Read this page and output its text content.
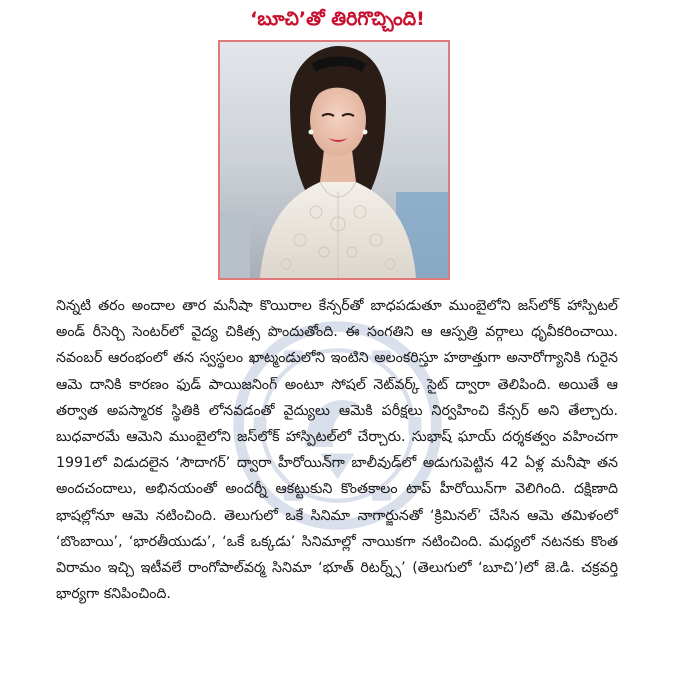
‘బూచి’తో తిరిగొచ్చింది!

నిన్నటి తరం అందాల తార మనీషా కొయిరాల కేన్సర్‌తో బాధపడుతూ ముంబైలోని జస్‌లోక్ హాస్పిటల్ అండ్ రీసెర్చి సెంటర్‌లో వైద్య చికిత్స పొందుతోంది. ఈ సంగతిని ఆ ఆస్పత్రి వర్గాలు ధృవీకరించాయి. నవంబర్ ఆరంభంలో తన స్వస్థలం ఖాట్మండులోని ఇంటిని అలంకరిస్తూ హఠాత్తుగా అనారోగ్యానికి గురైన ఆమె దానికి కారణం ఫుడ్ పాయిజనింగ్ అంటూ సోషల్ నెట్‌వర్క్ సైట్ ద్వారా తెలిపింది. అయితే ఆ తర్వాత అపస్మారక స్థితికి లోనవడంతో వైద్యులు ఆమెకి పరీక్షలు నిర్వహించి కేన్సర్ అని తేల్చారు. బుధవారమే ఆమెని ముంబైలోని జస్‌లోక్ హాస్పిటల్‌లో చేర్చారు. సుభాష్ ఘాయ్ దర్శకత్వం వహించగా 1991లో విడుదలైన ‘సౌదాగర్’ ద్వారా హీరోయిన్‌గా బాలీవుడ్‌లో అడుగుపెట్టిన 42 ఏళ్ల మనీషా తన అందచందాలు, అభినయంతో అందర్నీ ఆకట్టుకుని కొంతకాలం టాప్ హీరోయిన్‌గా వెలిగింది. దక్షిణాది భాషల్లోనూ ఆమె నటించింది. తెలుగులో ఒకే సినిమా నాగార్జునతో ‘క్రిమినల్’ చేసిన ఆమె తమిళంలో ‘బొంబాయి’, ‘భారతీయుడు’, ‘ఒకే ఒక్కడు’ సినిమాల్లో నాయికగా నటించింది. మధ్యలో నటనకు కొంత విరామం ఇచ్చి ఇటీవలే రాంగోపాల్‌వర్మ సినిమా ‘భూత్ రిటర్న్స్’ (తెలుగులో ‘బూచి’)లో జె.డి. చక్రవర్తి భార్యగా కనిపించింది.
